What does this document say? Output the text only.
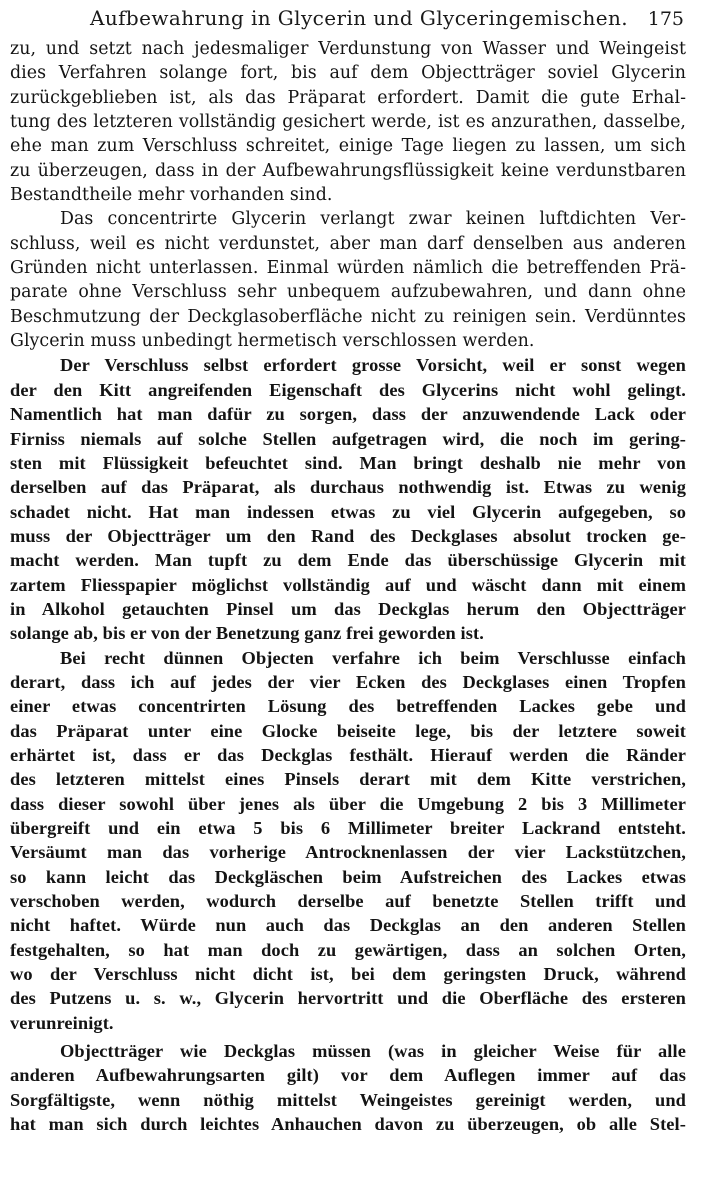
Aufbewahrung in Glycerin und Glyceringemischen. 175
zu, und setzt nach jedesmaliger Verdunstung von Wasser und Weingeist
dies Verfahren solange fort, bis auf dem Objectträger soviel Glycerin
zurückgeblieben ist, als das Präparat erfordert. Damit die gute Erhal-
tung des letzteren vollständig gesichert werde, ist es anzurathen, dasselbe,
ehe man zum Verschluss schreitet, einige Tage liegen zu lassen, um sich
zu überzeugen, dass in der Aufbewahrungsflüssigkeit keine verdunstbaren
Bestandtheile mehr vorhanden sind.
Das concentrirte Glycerin verlangt zwar keinen luftdichten Ver-
schluss, weil es nicht verdunstet, aber man darf denselben aus anderen
Gründen nicht unterlassen. Einmal würden nämlich die betreffenden Prä-
parate ohne Verschluss sehr unbequem aufzubewahren, und dann ohne
Beschmutzung der Deckglasoberfläche nicht zu reinigen sein. Verdünntes
Glycerin muss unbedingt hermetisch verschlossen werden.
Der Verschluss selbst erfordert grosse Vorsicht, weil er sonst wegen
der den Kitt angreifenden Eigenschaft des Glycerins nicht wohl gelingt.
Namentlich hat man dafür zu sorgen, dass der anzuwendende Lack oder
Firniss niemals auf solche Stellen aufgetragen wird, die noch im gering-
sten mit Flüssigkeit befeuchtet sind. Man bringt deshalb nie mehr von
derselben auf das Präparat, als durchaus nothwendig ist. Etwas zu wenig
schadet nicht. Hat man indessen etwas zu viel Glycerin aufgegeben, so
muss der Objectträger um den Rand des Deckglases absolut trocken ge-
macht werden. Man tupft zu dem Ende das überschüssige Glycerin mit
zartem Fliesspapier möglichst vollständig auf und wäscht dann mit einem
in Alkohol getauchten Pinsel um das Deckglas herum den Objectträger
solange ab, bis er von der Benetzung ganz frei geworden ist.
Bei recht dünnen Objecten verfahre ich beim Verschlusse einfach
derart, dass ich auf jedes der vier Ecken des Deckglases einen Tropfen
einer etwas concentrirten Lösung des betreffenden Lackes gebe und
das Präparat unter eine Glocke beiseite lege, bis der letztere soweit
erhärtet ist, dass er das Deckglas festhält. Hierauf werden die Ränder
des letzteren mittelst eines Pinsels derart mit dem Kitte verstrichen,
dass dieser sowohl über jenes als über die Umgebung 2 bis 3 Millimeter
übergreift und ein etwa 5 bis 6 Millimeter breiter Lackrand entsteht.
Versäumt man das vorherige Antrocknenlassen der vier Lackstützchen,
so kann leicht das Deckgläschen beim Aufstreichen des Lackes etwas
verschoben werden, wodurch derselbe auf benetzte Stellen trifft und
nicht haftet. Würde nun auch das Deckglas an den anderen Stellen
festgehalten, so hat man doch zu gewärtigen, dass an solchen Orten,
wo der Verschluss nicht dicht ist, bei dem geringsten Druck, während
des Putzens u. s. w., Glycerin hervortritt und die Oberfläche des ersteren
verunreinigt.
Objectträger wie Deckglas müssen (was in gleicher Weise für alle
anderen Aufbewahrungsarten gilt) vor dem Auflegen immer auf das
Sorgfältigste, wenn nöthig mittelst Weingeistes gereinigt werden, und
hat man sich durch leichtes Anhauchen davon zu überzeugen, ob alle Stel-
